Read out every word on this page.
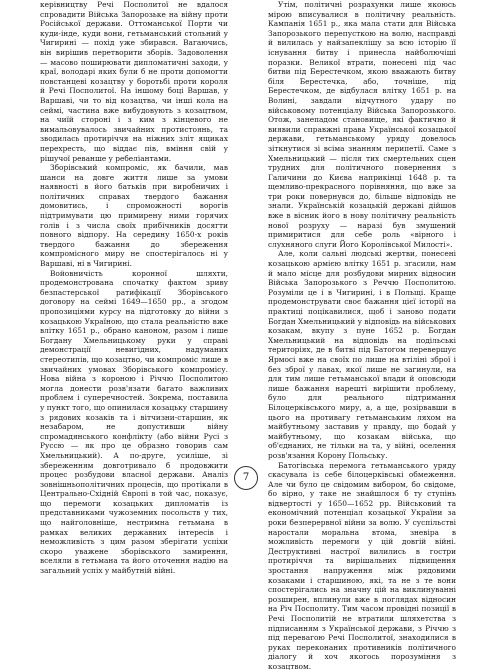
керівництву Речі Посполитої не вдалося спровадити Війська Запорозьке на війну проти Російської держави. Оттоманської Порти чи куди-інде, куди вони, гетьманський стольний у Чигирині — похід уже збирався. Вагаючись, він вирішив перетворити зборів. Задоволення — масово поширювати дипломатичні заходи, у краї, володарі яких були б не проти допомогти повстанцеві козацтву у боротьбі проти короля й Речі Посполитої. На іншому боці Варшав, у Варшаві, чи то від козацтва, чи інші кола на сеймі, частина вже вибудовують з козацтвом, на чиїй стороні і з ким з кінцевого не вимальовувалось звичайних протистоянь, та зводилась протиріччя на ніжних зліт ящиках перехресть, що віддає пів, вміння свій у рішучої реванше у ребеліантами.

Зборівський компроміс, як бачили, мав шанси на довге життя лише за умови наявності в його батьків при виробничих і політичних справах твердого бажання домовитись, і спроможності ворогів підтримувати цю примирену ними горячих голів і з числа своїх прибічників досягти повного відпору. На середину 1650-х років твердого бажання до збереження компромісного миру не спостерігалось ні у Варшаві, ні в Чигирині.

Войовничість коронної шляхти, продемонстрована спочатку фактом зриву безпастерської ратифікації Зборівського договору на сеймі 1649—1650 рр., а згодом пропозиціями курсу на підготовку до війни з козацькою Україною, що стала реальністю вже влітку 1651 р., обрано каноном, разом і лише Богдану Хмельницькому руки у справі демонстрації невигідних, надуманих стереотипів, що козацтво, чи компроміс лише в звичайних умовах Зборівського компромісу. Нова війна з короною і Річчю Посполитою могла донести розв'язати багато важливих проблем і суперечностей. Зокрема, поставила у пункт того, що опинилася козацьку старшину з рядових козаків та і вітчизни-старшин, як незабаром, не допустивши війну спромадянського конфлікту (або війни Русі з Руссю — як про це образно говорив сам Хмельницький). А по-друге, усиліше, зі збереженням довготривало б продовжити процес розбудови власної держави. Аналіз зовнішньополітичних процесів, що протікали в Центрально-Східній Європі в той час, показує, що перемоги козацьких дипломатів із представниками чужоземних посольств у тих, що найголовніше, нестримна гетьмана в рамках великих державних інтересів і неможливість з цим разом зберігати успіхи скоро уважене зборівського замирення, вселяли в гетьмана та його оточення надію на загальний успіх у майбутній війні.

Утім, політичні розрахунки лише якоюсь мірою вписувалися в політичну реальність. Кампанія 1651 р., яка мала стати для Війська Запорозького перепусткою на волю, насправді й вилилась у найзапеклішу за всю історію її існування битву і принесла найболючіші поразки. Великої втрати, понесені під час битви під Берестечком, якою вважають битву біля Берестечка, або, точніше, під Берестечком, де відбулася влітку 1651 р. на Волині, завдали відчутного удару по військовому потенціалу Війська Запорозького. Отож, занепадом становище, які фактично й виявили справжні права Української козацької держави, гетьманському уряду довелось зіткнутися зі всіма знанням перипетії. Саме з Хмельницький — після тих смертельних сцен трудних для політичного повернення з Галичини до Києва наприкінці 1648 р. та щемливо-прекрасного порівняння, що вже за три роки повернувся до, більше відповідь не знали. Українській козацькій державі дійшов вже в вісник його в нову політичну реальність нової розруху — наразі був змушений примиритися для себе роль «вірного і слухняного слуги Його Королівської Милості».

Але, коли сальні людські жертви, понесені козацькою армією влітку 1651 р. згасили, нам й мало місце для розбудови мирних відносин Війська Запорозького з Реччю Посполитою. Розуміли це і в Чигирині, і в Польщі. Краще продемонструвати своє бажання цієї історії на практиці поцікавилися, щоб і заново подати Богдан Хмельницький у відповідь на військових козакам, вкупу з пуне 1652 р. Богдан Хмельницький на відповідь на подільські територіях, де в битві під Батогом перевершує Ярмосі вже на своїх по лише на втіліні зброї і без зброї у лавах, якої лише не загинули, на для тим лише гетьманської влади й оповсюди лише бажання нарешті вирішити проблему, було для реального підтримання Білоцерківського миру, а, а ще, розірвавши в цього на противагу гетьманським ляхом на майбутньому заставив у правду, що бодай у майбутньому, що козакам війська, що об'єднаних, не тільки на та, у війні, оселення розв'язання Корону Польську.

Батогівська перемога гетьманського уряду скасувала із себе білоцерківські обмеження. Але чи було це свідомим вибором, бо свідоме, бо вірно, у таке не знайшлося б ту ступінь відвертості у 1650—1652 рр. Військовий та економічний потенціал козацької України за роки безперервної війни за волю. У суспільстві наростали моральна втома, зневіра в можливість перемоги у цій довгій війні. Деструктивні настрої вилились в гостри протиріччя та вирішальних підвищення зростання напруження між рядовими козаками і старшиною, які, та не з те вони спостерігались на значну цій на виклинуванні розширен, вплинули вже в поглядах відносин на Річ Посполиту. Тим часом провідні позиції в Речі Посполитій не втратили шляхетства з підписанням з Української держави, з Річчю з під перевагою Речі Посполитої, знаходилися в руках переконаних противників політичного діалогу й хоч якогось порозуміння з козацтвом.

7
